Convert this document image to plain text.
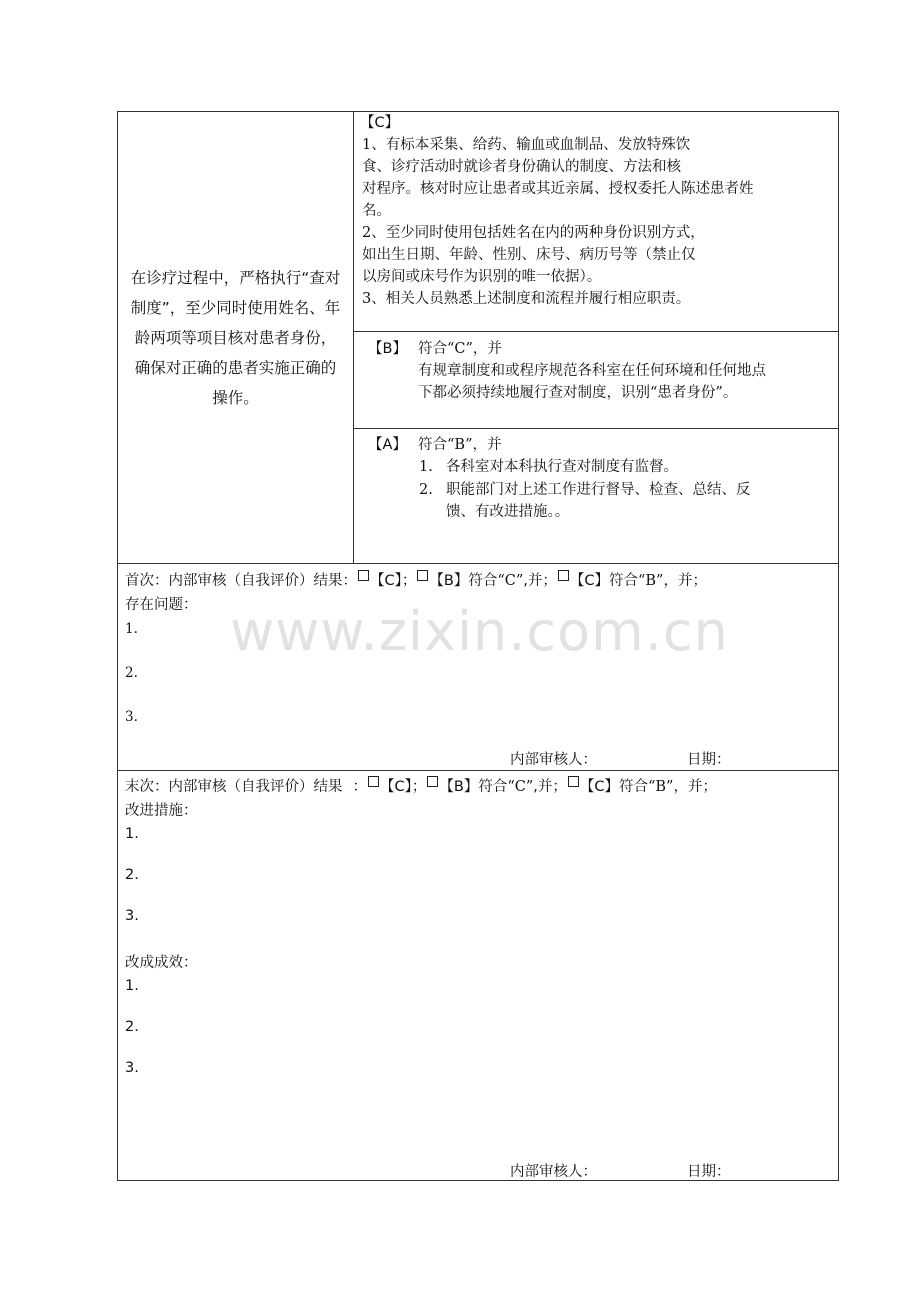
在诊疗过程中，严格执行“查对制度”，至少同时使用姓名、年龄两项等项目核对患者身份，确保对正确的患者实施正确的操作。
【C】
1、有标本采集、给药、输血或血制品、发放特殊饮
食、诊疗活动时就诊者身份确认的制度、方法和核
对程序。核对时应让患者或其近亲属、授权委托人陈述患者姓
名。
2、至少同时使用包括姓名在内的两种身份识别方式，
如出生日期、年龄、性别、床号、病历号等（禁止仅
以房间或床号作为识别的唯一依据）。
3、相关人员熟悉上述制度和流程并履行相应职责。
【B】 符合“C”，并
有规章制度和或程序规范各科室在任何环境和任何地点
下都必须持续地履行查对制度，识别“患者身份”。
【A】 符合“B”，并
1. 各科室对本科执行查对制度有监督。
2. 职能部门对上述工作进行督导、检查、总结、反
馈、有改进措施。。
首次：内部审核（自我评价）结果： 【C】； 【B】符合“C”,并； 【C】符合“B”，并；
存在问题：
1.
2.
3.
内部审核人：	日期：
www.zixin.com.cn
末次：内部审核（自我评价）结果 ： 【C】； 【B】符合“C”,并； 【C】符合“B”，并；
改进措施：
1.
2.
3.
改成成效：
1.
2.
3.
内部审核人：	日期：
